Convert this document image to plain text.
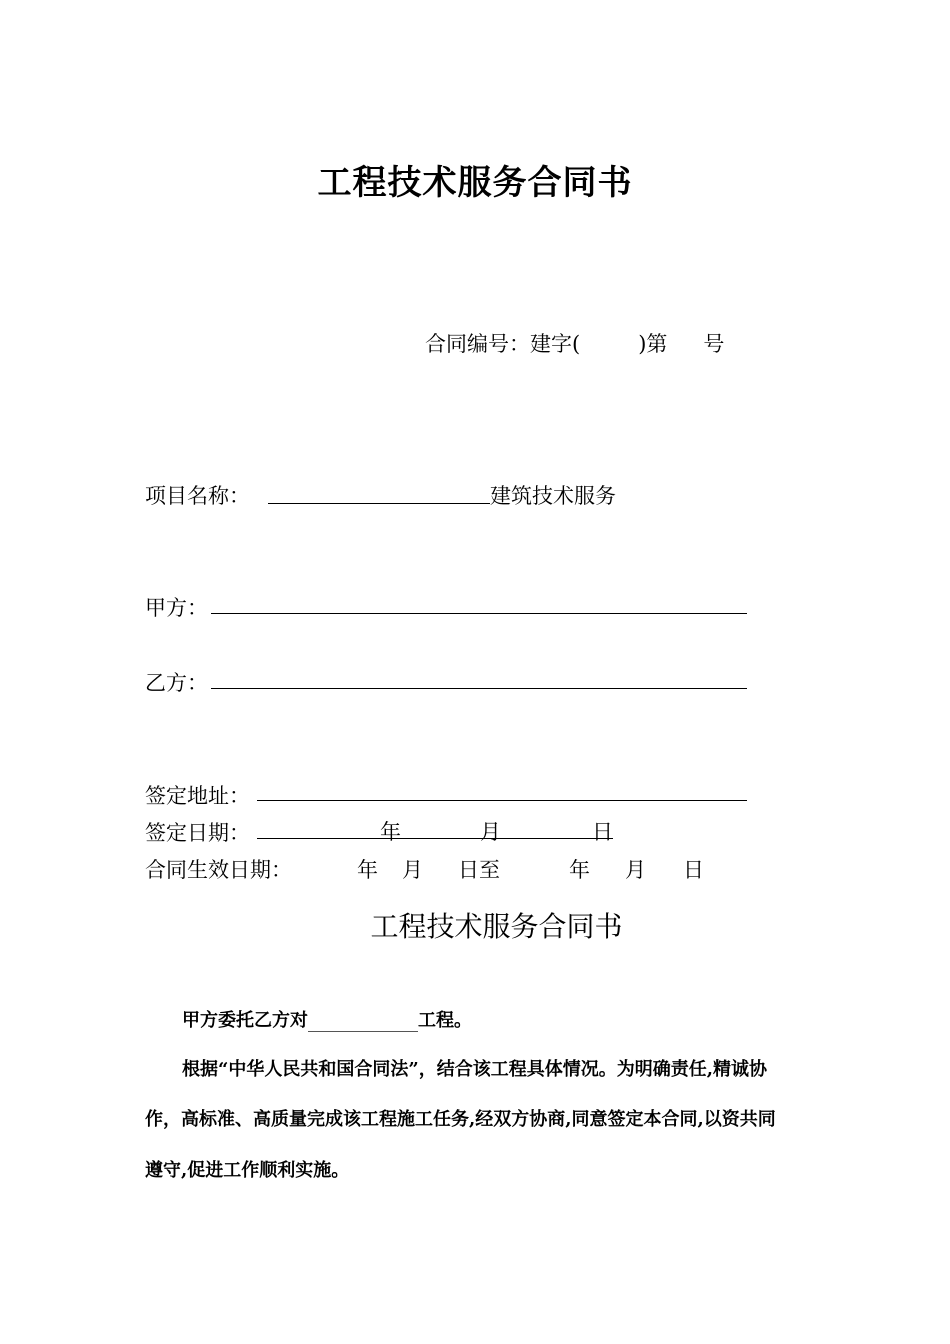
工程技术服务合同书
合同编号：建字(	)第 号
项目名称：	建筑技术服务
甲方：
乙方：
签定地址：
签定日期：	年	月	日
合同生效日期：	年 月 日至	年 月 日
工程技术服务合同书
甲方委托乙方对	工程。
根据“中华人民共和国合同法”，结合该工程具体情况。为明确责任,精诚协
作，高标准、高质量完成该工程施工任务,经双方协商,同意签定本合同,以资共同
遵守,促进工作顺利实施。
